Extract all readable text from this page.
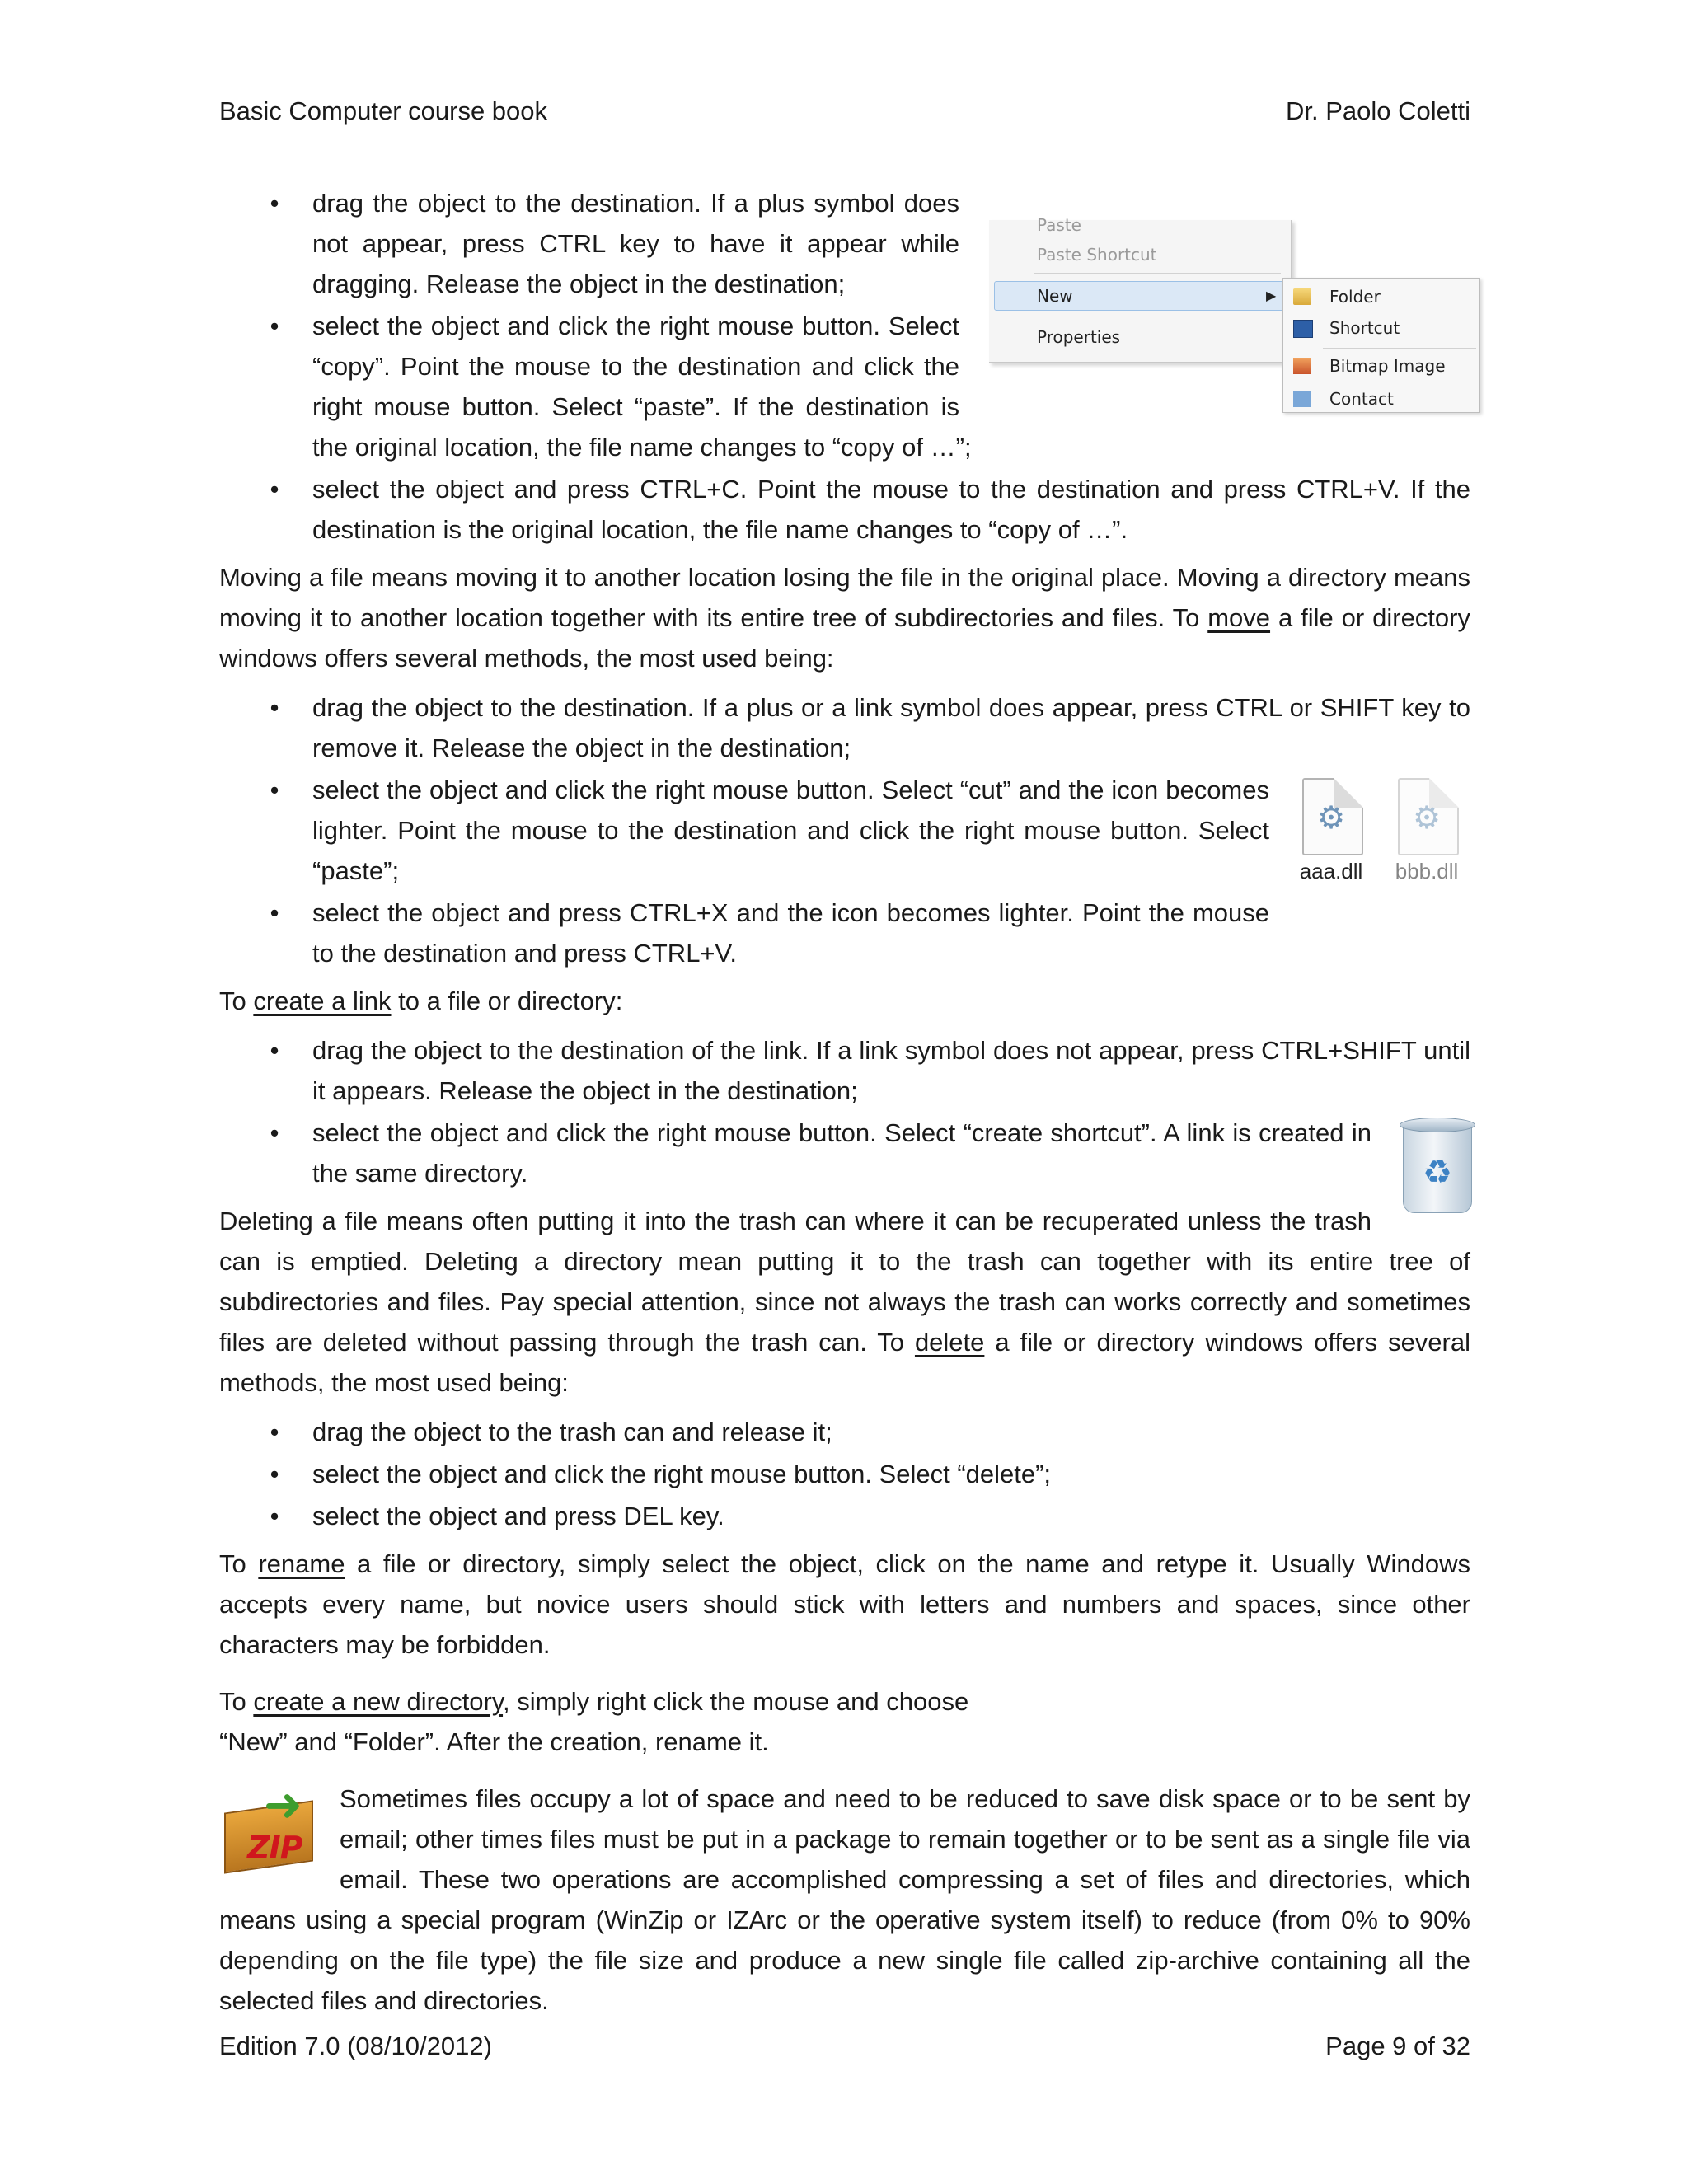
Basic Computer course book	Dr. Paolo Coletti
Paste
Paste Shortcut
New	▶
Properties
Folder
Shortcut
Bitmap Image
Contact
• drag the object to the destination. If a plus symbol does not appear, press CTRL key to have it appear while dragging. Release the object in the destination;
• select the object and click the right mouse button. Select “copy”. Point the mouse to the destination and click the right mouse button. Select “paste”. If the destination is the original location, the file name changes to “copy of …”;
• select the object and press CTRL+C. Point the mouse to the destination and press CTRL+V. If the destination is the original location, the file name changes to “copy of …”.

Moving a file means moving it to another location losing the file in the original place. Moving a directory means moving it to another location together with its entire tree of subdirectories and files. To move a file or directory windows offers several methods, the most used being:

• drag the object to the destination. If a plus or a link symbol does appear, press CTRL or SHIFT key to remove it. Release the object in the destination;
⚙
aaa.dll
⚙
bbb.dll
• select the object and click the right mouse button. Select “cut” and the icon becomes lighter. Point the mouse to the destination and click the right mouse button. Select “paste”;
• select the object and press CTRL+X and the icon becomes lighter. Point the mouse to the destination and press CTRL+V.

To create a link to a file or directory:

• drag the object to the destination of the link. If a link symbol does not appear, press CTRL+SHIFT until it appears. Release the object in the destination;
♻
• select the object and click the right mouse button. Select “create shortcut”. A link is created in the same directory.

Deleting a file means often putting it into the trash can where it can be recuperated unless the trash can is emptied. Deleting a directory mean putting it to the trash can together with its entire tree of subdirectories and files. Pay special attention, since not always the trash can works correctly and sometimes files are deleted without passing through the trash can. To delete a file or directory windows offers several methods, the most used being:

• drag the object to the trash can and release it;
• select the object and click the right mouse button. Select “delete”;
• select the object and press DEL key.

To rename a file or directory, simply select the object, click on the name and retype it. Usually Windows accepts every name, but novice users should stick with letters and numbers and spaces, since other characters may be forbidden.

To create a new directory, simply right click the mouse and choose
“New” and “Folder”. After the creation, rename it.

➜
ZIP

Sometimes files occupy a lot of space and need to be reduced to save disk space or to be sent by email; other times files must be put in a package to remain together or to be sent as a single file via email. These two operations are accomplished compressing a set of files and directories, which means using a special program (WinZip or IZArc or the operative system itself) to reduce (from 0% to 90% depending on the file type) the file size and produce a new single file called zip-archive containing all the selected files and directories.

Edition 7.0 (08/10/2012)	Page 9 of 32
